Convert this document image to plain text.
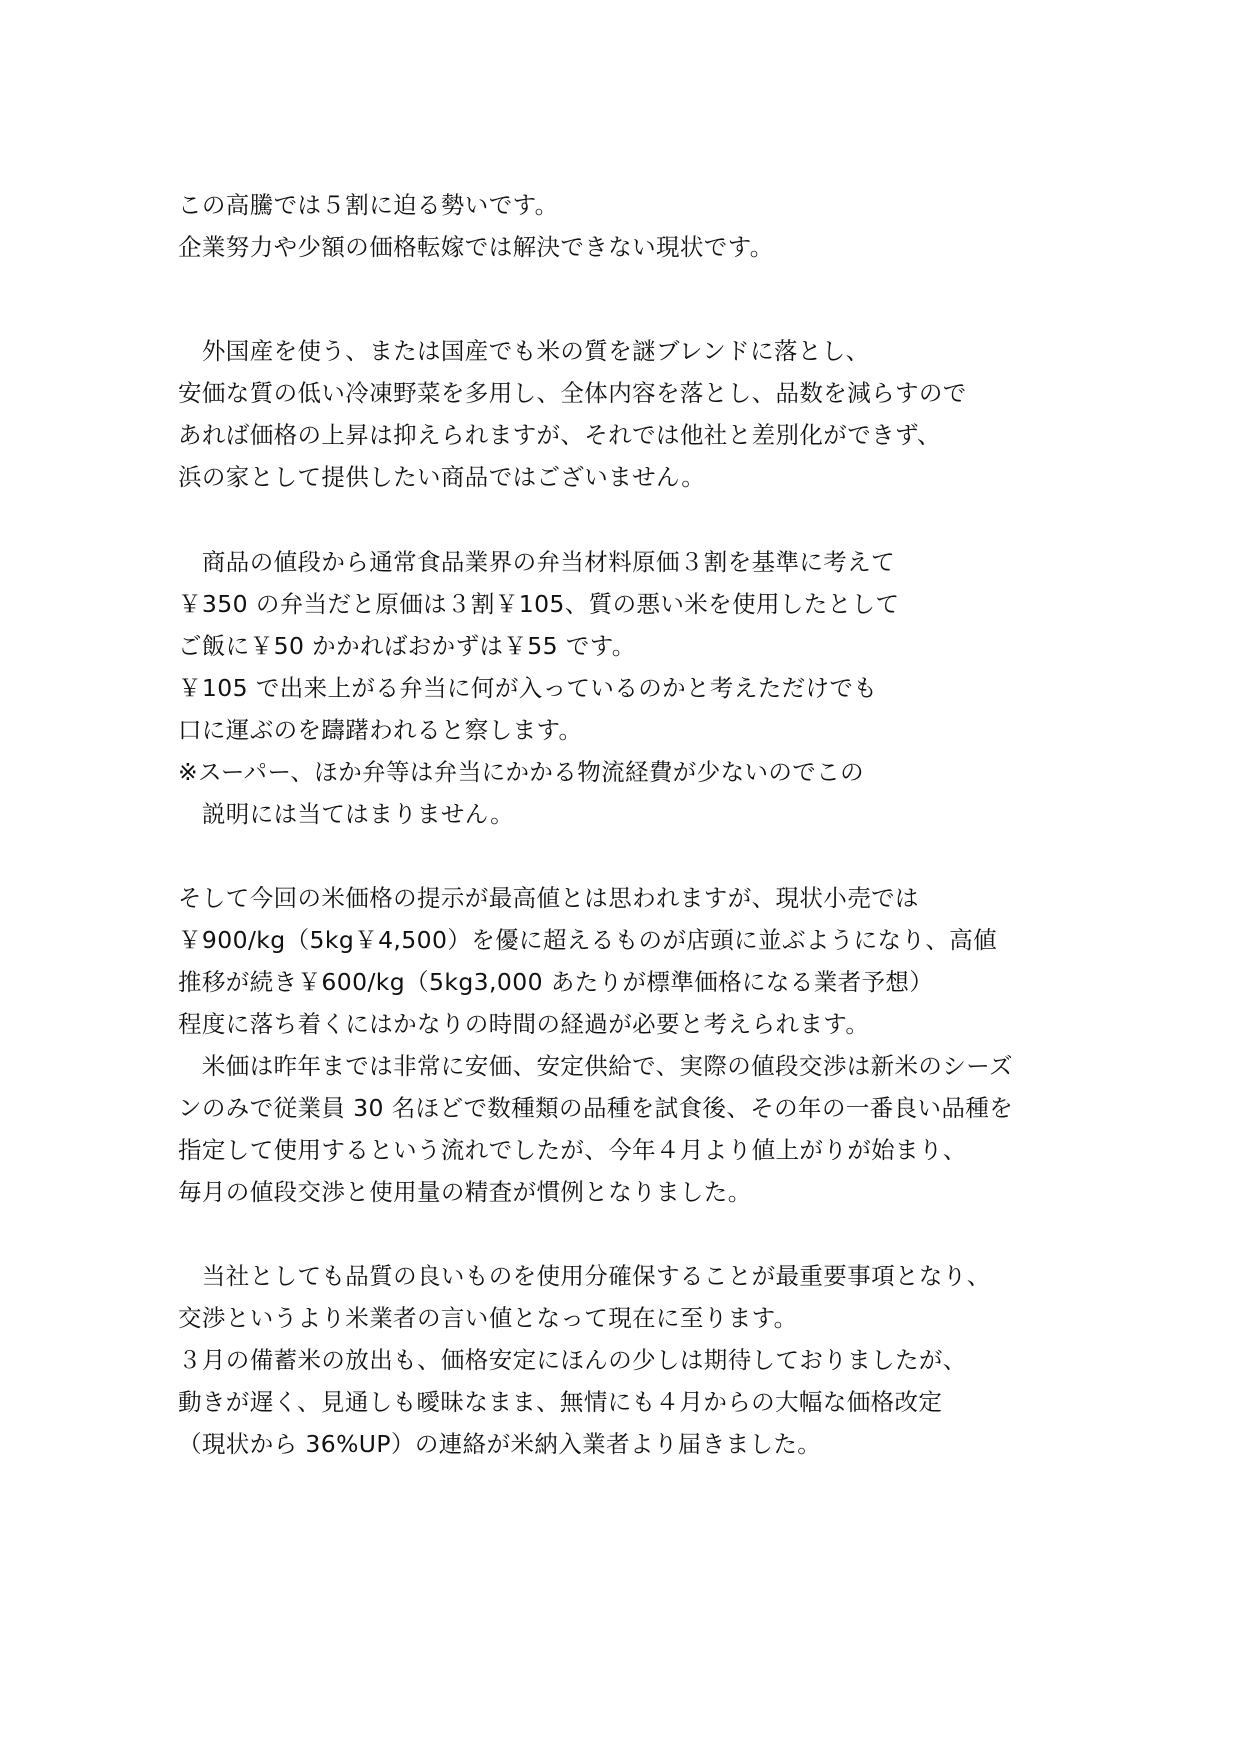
この高騰では５割に迫る勢いです。
企業努力や少額の価格転嫁では解決できない現状です。
　外国産を使う、または国産でも米の質を謎ブレンドに落とし、
安価な質の低い冷凍野菜を多用し、全体内容を落とし、品数を減らすので
あれば価格の上昇は抑えられますが、それでは他社と差別化ができず、
浜の家として提供したい商品ではございません。
　商品の値段から通常食品業界の弁当材料原価３割を基準に考えて
￥350 の弁当だと原価は３割￥105、質の悪い米を使用したとして
ご飯に￥50 かかればおかずは￥55 です。
￥105 で出来上がる弁当に何が入っているのかと考えただけでも
口に運ぶのを躊躇われると察します。
※スーパー、ほか弁等は弁当にかかる物流経費が少ないのでこの
　説明には当てはまりません。
そして今回の米価格の提示が最高値とは思われますが、現状小売では
￥900/kg（5kg￥4,500）を優に超えるものが店頭に並ぶようになり、高値
推移が続き￥600/kg（5kg3,000 あたりが標準価格になる業者予想）
程度に落ち着くにはかなりの時間の経過が必要と考えられます。
　米価は昨年までは非常に安価、安定供給で、実際の値段交渉は新米のシーズ
ンのみで従業員 30 名ほどで数種類の品種を試食後、その年の一番良い品種を
指定して使用するという流れでしたが、今年４月より値上がりが始まり、
毎月の値段交渉と使用量の精査が慣例となりました。
　当社としても品質の良いものを使用分確保することが最重要事項となり、
交渉というより米業者の言い値となって現在に至ります。
３月の備蓄米の放出も、価格安定にほんの少しは期待しておりましたが、
動きが遅く、見通しも曖昧なまま、無情にも４月からの大幅な価格改定
（現状から 36%UP）の連絡が米納入業者より届きました。
